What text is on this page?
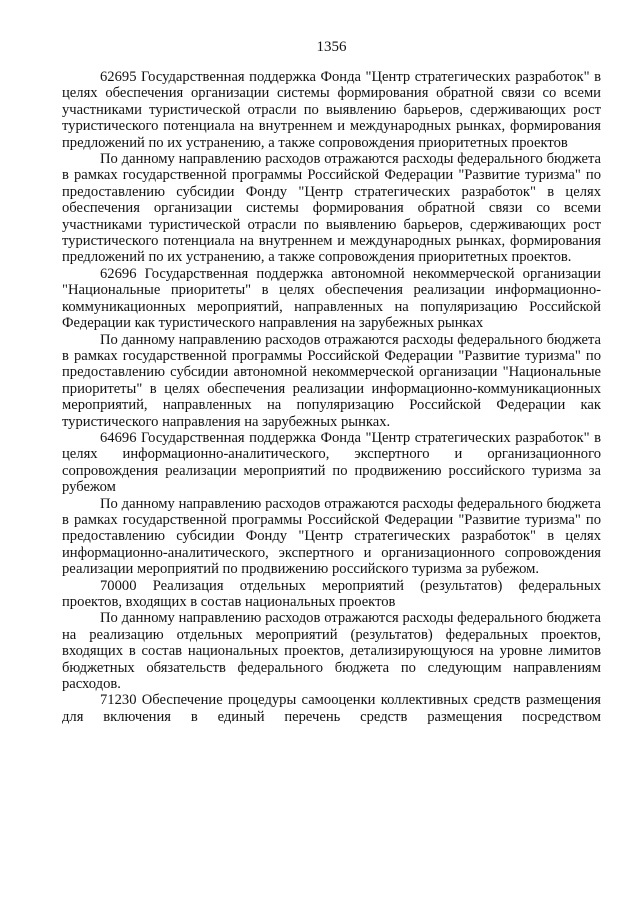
1356

62695 Государственная поддержка Фонда "Центр стратегических разработок" в целях обеспечения организации системы формирования обратной связи со всеми участниками туристической отрасли по выявлению барьеров, сдерживающих рост туристического потенциала на внутреннем и международных рынках, формирования предложений по их устранению, а также сопровождения приоритетных проектов

По данному направлению расходов отражаются расходы федерального бюджета в рамках государственной программы Российской Федерации "Развитие туризма" по предоставлению субсидии Фонду "Центр стратегических разработок" в целях обеспечения организации системы формирования обратной связи со всеми участниками туристической отрасли по выявлению барьеров, сдерживающих рост туристического потенциала на внутреннем и международных рынках, формирования предложений по их устранению, а также сопровождения приоритетных проектов.

62696 Государственная поддержка автономной некоммерческой организации "Национальные приоритеты" в целях обеспечения реализации информационно-коммуникационных мероприятий, направленных на популяризацию Российской Федерации как туристического направления на зарубежных рынках

По данному направлению расходов отражаются расходы федерального бюджета в рамках государственной программы Российской Федерации "Развитие туризма" по предоставлению субсидии автономной некоммерческой организации "Национальные приоритеты" в целях обеспечения реализации информационно-коммуникационных мероприятий, направленных на популяризацию Российской Федерации как туристического направления на зарубежных рынках.

64696 Государственная поддержка Фонда "Центр стратегических разработок" в целях информационно-аналитического, экспертного и организационного сопровождения реализации мероприятий по продвижению российского туризма за рубежом

По данному направлению расходов отражаются расходы федерального бюджета в рамках государственной программы Российской Федерации "Развитие туризма" по предоставлению субсидии Фонду "Центр стратегических разработок" в целях информационно-аналитического, экспертного и организационного сопровождения реализации мероприятий по продвижению российского туризма за рубежом.

70000 Реализация отдельных мероприятий (результатов) федеральных проектов, входящих в состав национальных проектов

По данному направлению расходов отражаются расходы федерального бюджета на реализацию отдельных мероприятий (результатов) федеральных проектов, входящих в состав национальных проектов, детализирующуюся на уровне лимитов бюджетных обязательств федерального бюджета по следующим направлениям расходов.

71230 Обеспечение процедуры самооценки коллективных средств размещения для включения в единый перечень средств размещения посредством
